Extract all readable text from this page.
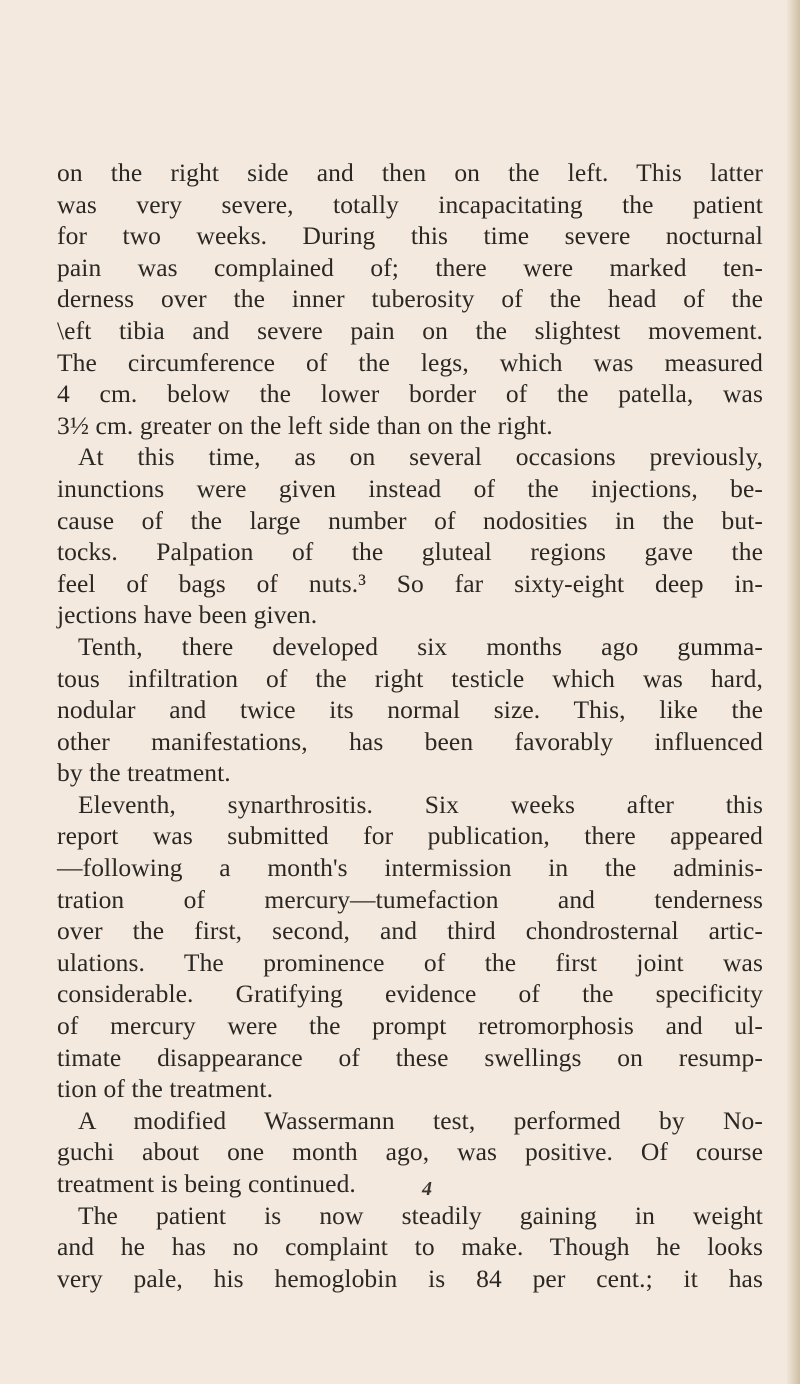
on the right side and then on the left. This latter
was very severe, totally incapacitating the patient
for two weeks. During this time severe nocturnal
pain was complained of; there were marked ten-
derness over the inner tuberosity of the head of the
\eft tibia and severe pain on the slightest movement.
The circumference of the legs, which was measured
4 cm. below the lower border of the patella, was
3½ cm. greater on the left side than on the right.
At this time, as on several occasions previously,
inunctions were given instead of the injections, be-
cause of the large number of nodosities in the but-
tocks. Palpation of the gluteal regions gave the
feel of bags of nuts.³ So far sixty-eight deep in-
jections have been given.
Tenth, there developed six months ago gumma-
tous infiltration of the right testicle which was hard,
nodular and twice its normal size. This, like the
other manifestations, has been favorably influenced
by the treatment.
Eleventh, synarthrositis. Six weeks after this
report was submitted for publication, there appeared
—following a month's intermission in the adminis-
tration of mercury—tumefaction and tenderness
over the first, second, and third chondrosternal artic-
ulations. The prominence of the first joint was
considerable. Gratifying evidence of the specificity
of mercury were the prompt retromorphosis and ul-
timate disappearance of these swellings on resump-
tion of the treatment.
A modified Wassermann test, performed by No-
guchi about one month ago, was positive. Of course
treatment is being continued.
The patient is now steadily gaining in weight
and he has no complaint to make. Though he looks
very pale, his hemoglobin is 84 per cent.; it has
4
